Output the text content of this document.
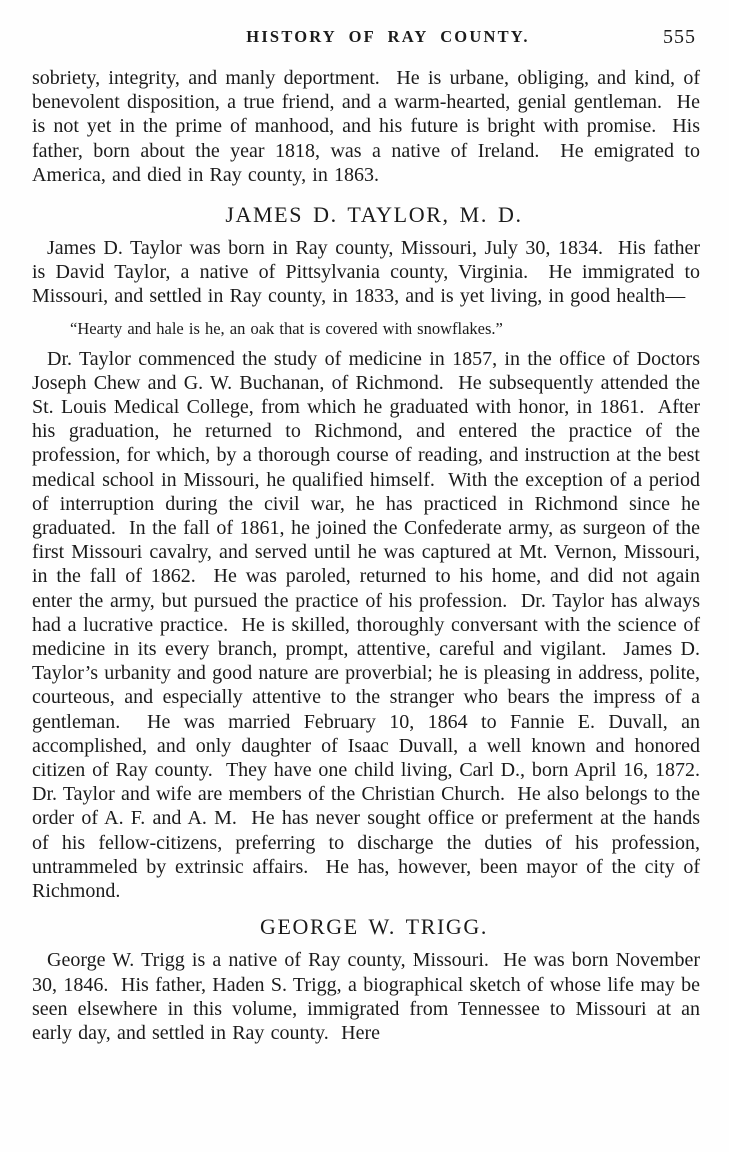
HISTORY OF RAY COUNTY.	555

sobriety, integrity, and manly deportment.  He is urbane, obliging, and kind, of benevolent disposition, a true friend, and a warm-hearted, genial gentleman.  He is not yet in the prime of manhood, and his future is bright with promise.  His father, born about the year 1818, was a native of Ireland.  He emigrated to America, and died in Ray county, in 1863.

JAMES D. TAYLOR, M. D.

James D. Taylor was born in Ray county, Missouri, July 30, 1834.  His father is David Taylor, a native of Pittsylvania county, Virginia.  He immigrated to Missouri, and settled in Ray county, in 1833, and is yet living, in good health—

“Hearty and hale is he, an oak that is covered with snowflakes.”

Dr. Taylor commenced the study of medicine in 1857, in the office of Doctors Joseph Chew and G. W. Buchanan, of Richmond.  He subsequently attended the St. Louis Medical College, from which he graduated with honor, in 1861.  After his graduation, he returned to Richmond, and entered the practice of the profession, for which, by a thorough course of reading, and instruction at the best medical school in Missouri, he qualified himself.  With the exception of a period of interruption during the civil war, he has practiced in Richmond since he graduated.  In the fall of 1861, he joined the Confederate army, as surgeon of the first Missouri cavalry, and served until he was captured at Mt. Vernon, Missouri, in the fall of 1862.  He was paroled, returned to his home, and did not again enter the army, but pursued the practice of his profession.  Dr. Taylor has always had a lucrative practice.  He is skilled, thoroughly conversant with the science of medicine in its every branch, prompt, attentive, careful and vigilant.  James D. Taylor’s urbanity and good nature are proverbial; he is pleasing in address, polite, courteous, and especially attentive to the stranger who bears the impress of a gentleman.  He was married February 10, 1864 to Fannie E. Duvall, an accomplished, and only daughter of Isaac Duvall, a well known and honored citizen of Ray county.  They have one child living, Carl D., born April 16, 1872.  Dr. Taylor and wife are members of the Christian Church.  He also belongs to the order of A. F. and A. M.  He has never sought office or preferment at the hands of his fellow-citizens, preferring to discharge the duties of his profession, untrammeled by extrinsic affairs.  He has, however, been mayor of the city of Richmond.

GEORGE W. TRIGG.

George W. Trigg is a native of Ray county, Missouri.  He was born November 30, 1846.  His father, Haden S. Trigg, a biographical sketch of whose life may be seen elsewhere in this volume, immigrated from Tennessee to Missouri at an early day, and settled in Ray county.  Here
